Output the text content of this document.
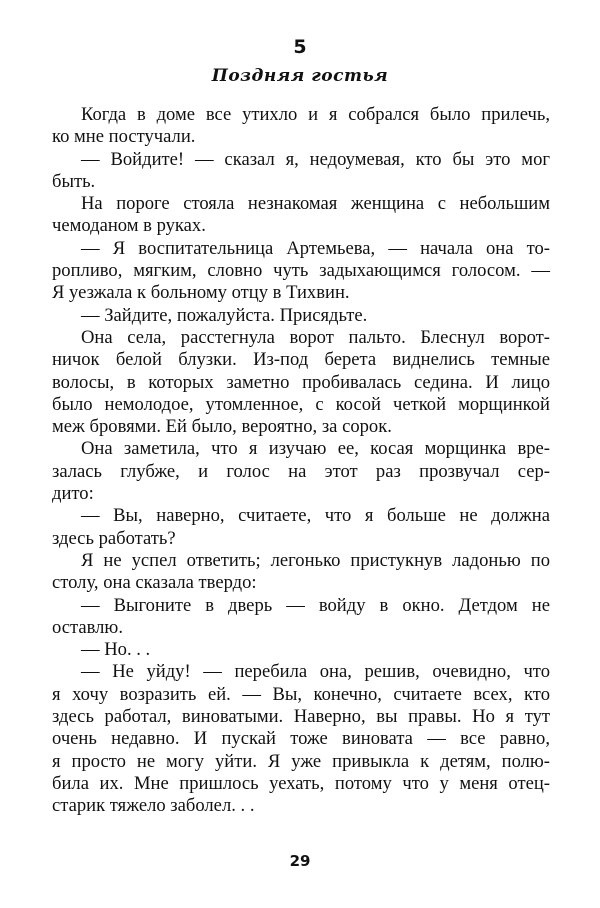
5
Поздняя гостья
Когда в доме все утихло и я собрался было прилечь,
ко мне постучали.
— Войдите! — сказал я, недоумевая, кто бы это мог
быть.
На пороге стояла незнакомая женщина с небольшим
чемоданом в руках.
— Я воспитательница Артемьева, — начала она то-
ропливо, мягким, словно чуть задыхающимся голосом. —
Я уезжала к больному отцу в Тихвин.
— Зайдите, пожалуйста. Присядьте.
Она села, расстегнула ворот пальто. Блеснул ворот-
ничок белой блузки. Из-под берета виднелись темные
волосы, в которых заметно пробивалась седина. И лицо
было немолодое, утомленное, с косой четкой морщинкой
меж бровями. Ей было, вероятно, за сорок.
Она заметила, что я изучаю ее, косая морщинка вре-
залась глубже, и голос на этот раз прозвучал сер-
дито:
— Вы, наверно, считаете, что я больше не должна
здесь работать?
Я не успел ответить; легонько пристукнув ладонью по
столу, она сказала твердо:
— Выгоните в дверь — войду в окно. Детдом не
оставлю.
— Но. . .
— Не уйду! — перебила она, решив, очевидно, что
я хочу возразить ей. — Вы, конечно, считаете всех, кто
здесь работал, виноватыми. Наверно, вы правы. Но я тут
очень недавно. И пускай тоже виновата — все равно,
я просто не могу уйти. Я уже привыкла к детям, полю-
била их. Мне пришлось уехать, потому что у меня отец-
старик тяжело заболел. . .
29
